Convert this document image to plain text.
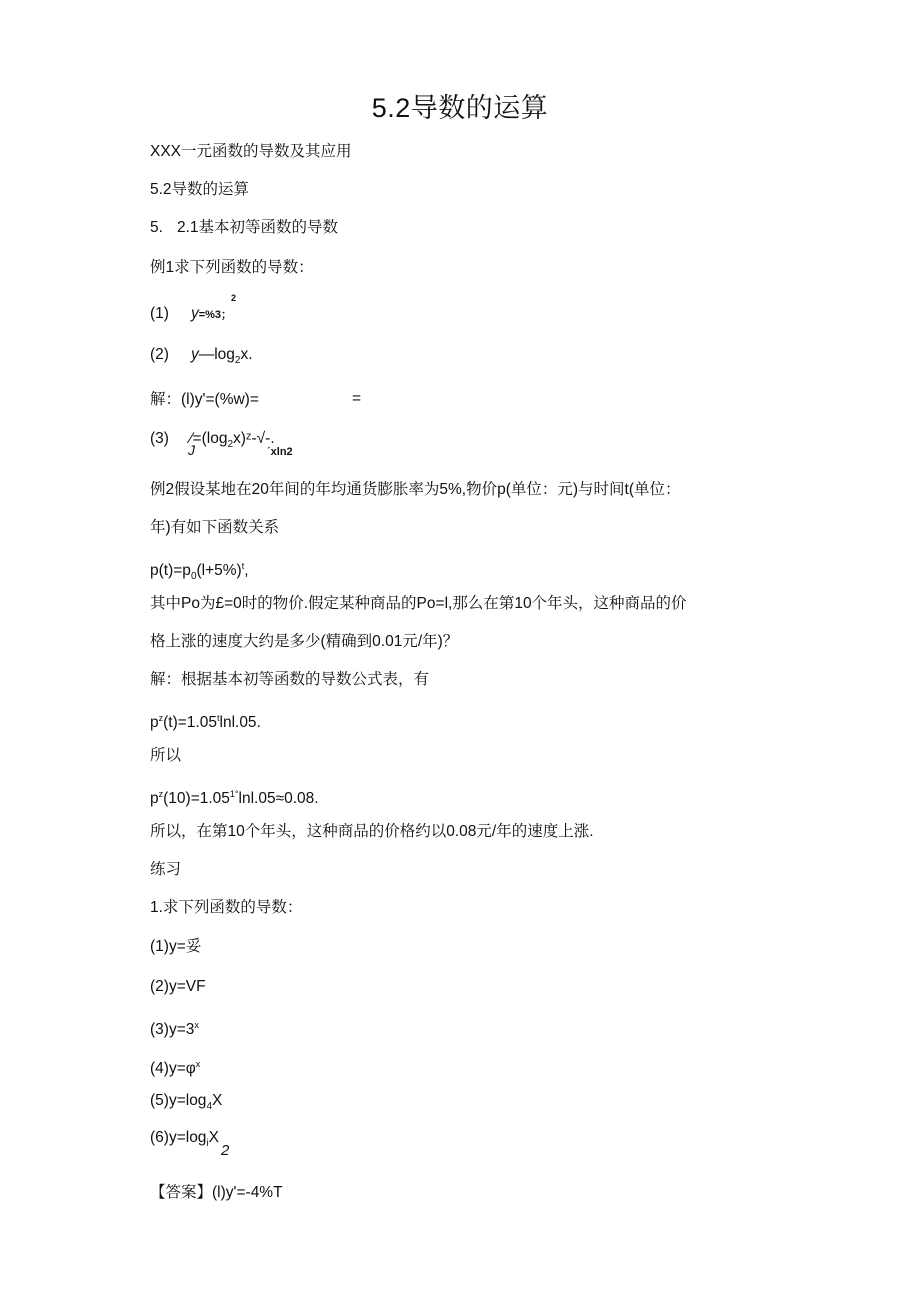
5.2导数的运算
XXX一元函数的导数及其应用
5.2导数的运算
5. 2.1基本初等函数的导数
例1求下列函数的导数：
(1) y=%3；
2
(2) $y—\log_2x$.
解：(l)y'=(%w)=	=
(3) $∕=(\log_2x)ᶻ-√-$.
J	ˊxln2
例2假设某地在20年间的年均通货膨胀率为5%,物价p(单位：元)与时间t(单位：
年)有如下函数关系
$p(t)=p_0(l+5\%)^t$,
其中Po为£=0时的物价.假定某种商品的Po=l,那么在第10个年头，这种商品的价
格上涨的速度大约是多少(精确到0.01元/年)？
解：根据基本初等函数的导数公式表，有
$p^z(t)=1.05^t\ln l.05$.
所以
$p^z(10)=1.05^{1^\circ}\ln l.05\approx 0.08$.
所以，在第10个年头，这种商品的价格约以0.08元/年的速度上涨.
练习
1.求下列函数的导数：
(1)y=妥
(2)y=VF
$(3)y=3^x$
$(4)y=\varphi^x$
$(5)y=\log_4X$
$(6)y=\log_iX$
2
【答案】(l)y'=-4%T
